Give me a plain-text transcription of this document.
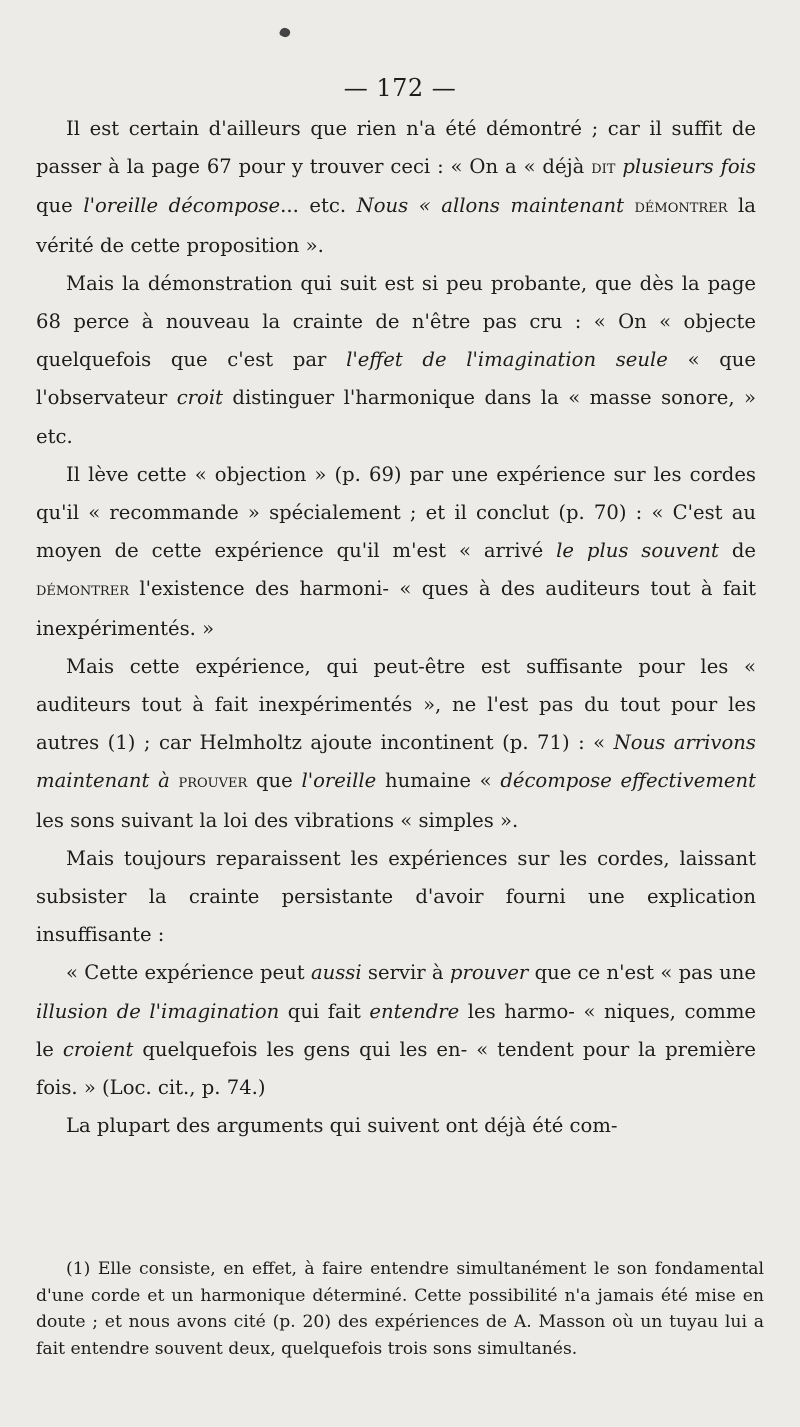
— 172 —

Il est certain d'ailleurs que rien n'a été démontré ; car il suffit de passer à la page 67 pour y trouver ceci : « On a « déjà dit plusieurs fois que l'oreille décompose... etc. Nous « allons maintenant démontrer la vérité de cette proposition ».

Mais la démonstration qui suit est si peu probante, que dès la page 68 perce à nouveau la crainte de n'être pas cru : « On « objecte quelquefois que c'est par l'effet de l'imagination seule « que l'observateur croit distinguer l'harmonique dans la « masse sonore, » etc.

Il lève cette « objection » (p. 69) par une expérience sur les cordes qu'il « recommande » spécialement ; et il conclut (p. 70) : « C'est au moyen de cette expérience qu'il m'est « arrivé le plus souvent de démontrer l'existence des harmoni- « ques à des auditeurs tout à fait inexpérimentés. »

Mais cette expérience, qui peut-être est suffisante pour les « auditeurs tout à fait inexpérimentés », ne l'est pas du tout pour les autres (1) ; car Helmholtz ajoute incontinent (p. 71) : « Nous arrivons maintenant à prouver que l'oreille humaine « décompose effectivement les sons suivant la loi des vibrations « simples ».

Mais toujours reparaissent les expériences sur les cordes, laissant subsister la crainte persistante d'avoir fourni une explication insuffisante :

« Cette expérience peut aussi servir à prouver que ce n'est « pas une illusion de l'imagination qui fait entendre les harmo- « niques, comme le croient quelquefois les gens qui les en- « tendent pour la première fois. » (Loc. cit., p. 74.)

La plupart des arguments qui suivent ont déjà été com-

(1) Elle consiste, en effet, à faire entendre simultanément le son fondamental d'une corde et un harmonique déterminé. Cette possibilité n'a jamais été mise en doute ; et nous avons cité (p. 20) des expériences de A. Masson où un tuyau lui a fait entendre souvent deux, quelquefois trois sons simultanés.
